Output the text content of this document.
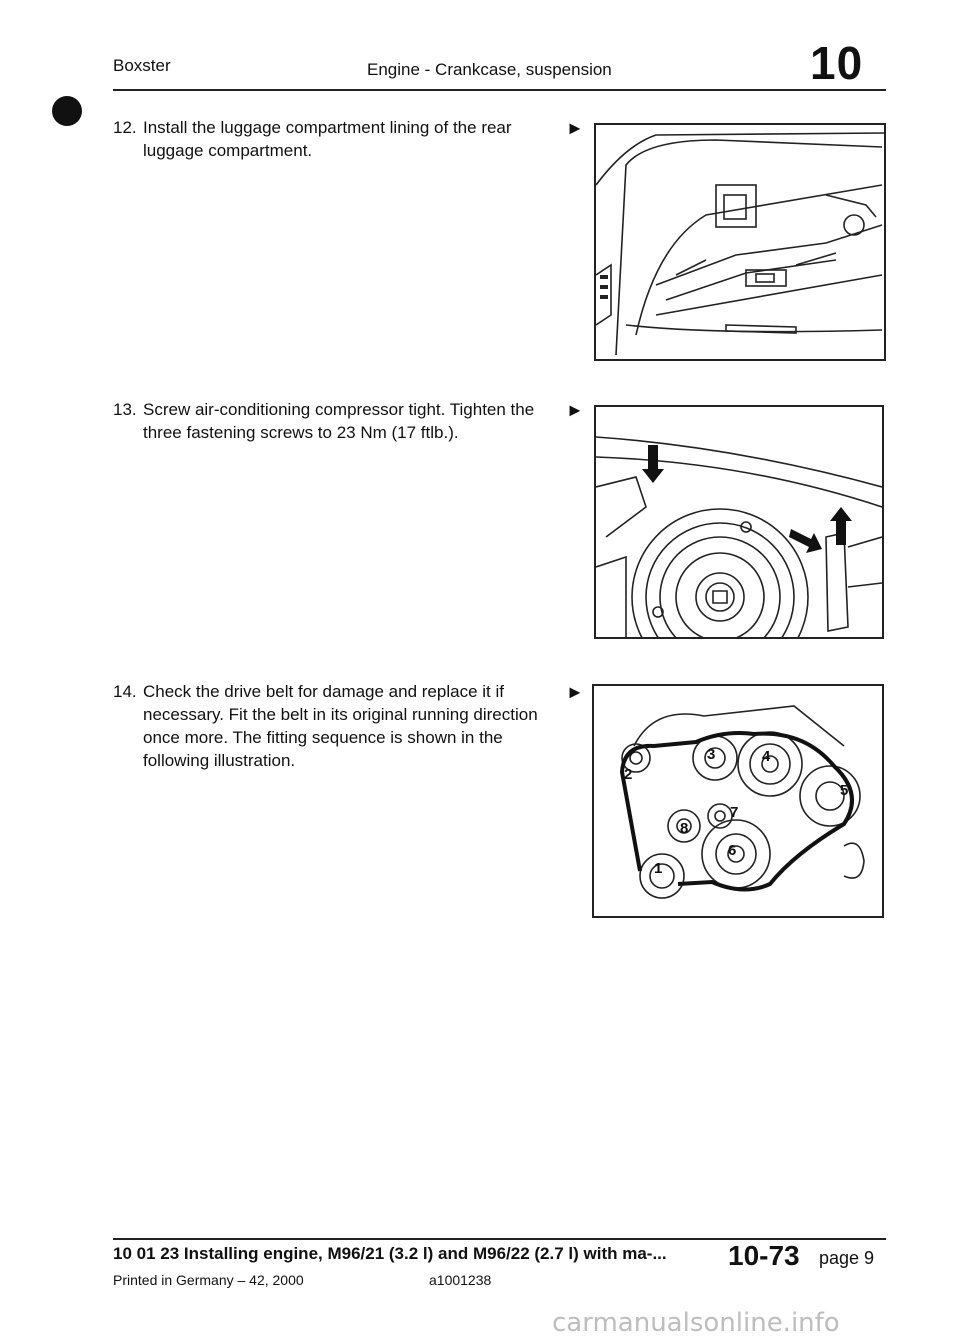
Boxster	Engine - Crankcase, suspension	10
12. Install the luggage compartment lining of the rear luggage compartment.
►
13. Screw air-conditioning compressor tight. Tighten the three fastening screws to 23 Nm (17 ftlb.).
►
14. Check the drive belt for damage and replace it if necessary. Fit the belt in its original running direction once more. The fitting sequence is shown in the following illustration.
►
1
2
3	4
5
6
7
8
10 01 23 Installing engine, M96/21 (3.2 l) and M96/22 (2.7 l) with ma-... 10-73 page 9
Printed in Germany – 42, 2000	a1001238
carmanualsonline.info
